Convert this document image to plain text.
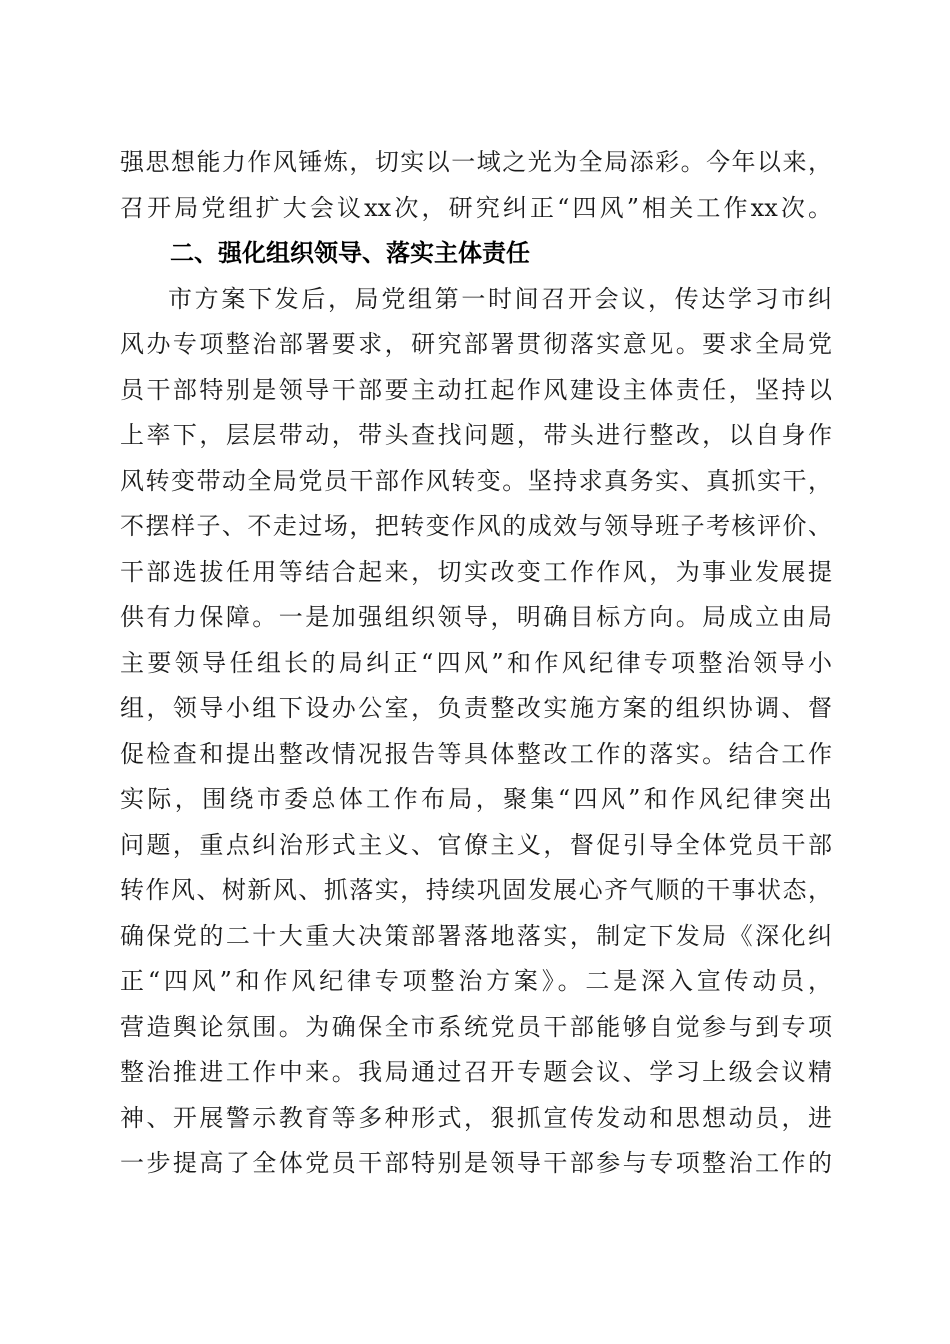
强思想能力作风锤炼，切实以一域之光为全局添彩。今年以来，
召开局党组扩大会议xx次，研究纠正“四风”相关工作xx次。
二、强化组织领导、落实主体责任
市方案下发后，局党组第一时间召开会议，传达学习市纠
风办专项整治部署要求，研究部署贯彻落实意见。要求全局党
员干部特别是领导干部要主动扛起作风建设主体责任，坚持以
上率下，层层带动，带头查找问题，带头进行整改，以自身作
风转变带动全局党员干部作风转变。坚持求真务实、真抓实干，
不摆样子、不走过场，把转变作风的成效与领导班子考核评价、
干部选拔任用等结合起来，切实改变工作作风，为事业发展提
供有力保障。一是加强组织领导，明确目标方向。局成立由局
主要领导任组长的局纠正“四风”和作风纪律专项整治领导小
组，领导小组下设办公室，负责整改实施方案的组织协调、督
促检查和提出整改情况报告等具体整改工作的落实。结合工作
实际，围绕市委总体工作布局，聚集“四风”和作风纪律突出
问题，重点纠治形式主义、官僚主义，督促引导全体党员干部
转作风、树新风、抓落实，持续巩固发展心齐气顺的干事状态，
确保党的二十大重大决策部署落地落实，制定下发局《深化纠
正“四风”和作风纪律专项整治方案》。二是深入宣传动员，
营造舆论氛围。为确保全市系统党员干部能够自觉参与到专项
整治推进工作中来。我局通过召开专题会议、学习上级会议精
神、开展警示教育等多种形式，狠抓宣传发动和思想动员，进
一步提高了全体党员干部特别是领导干部参与专项整治工作的
